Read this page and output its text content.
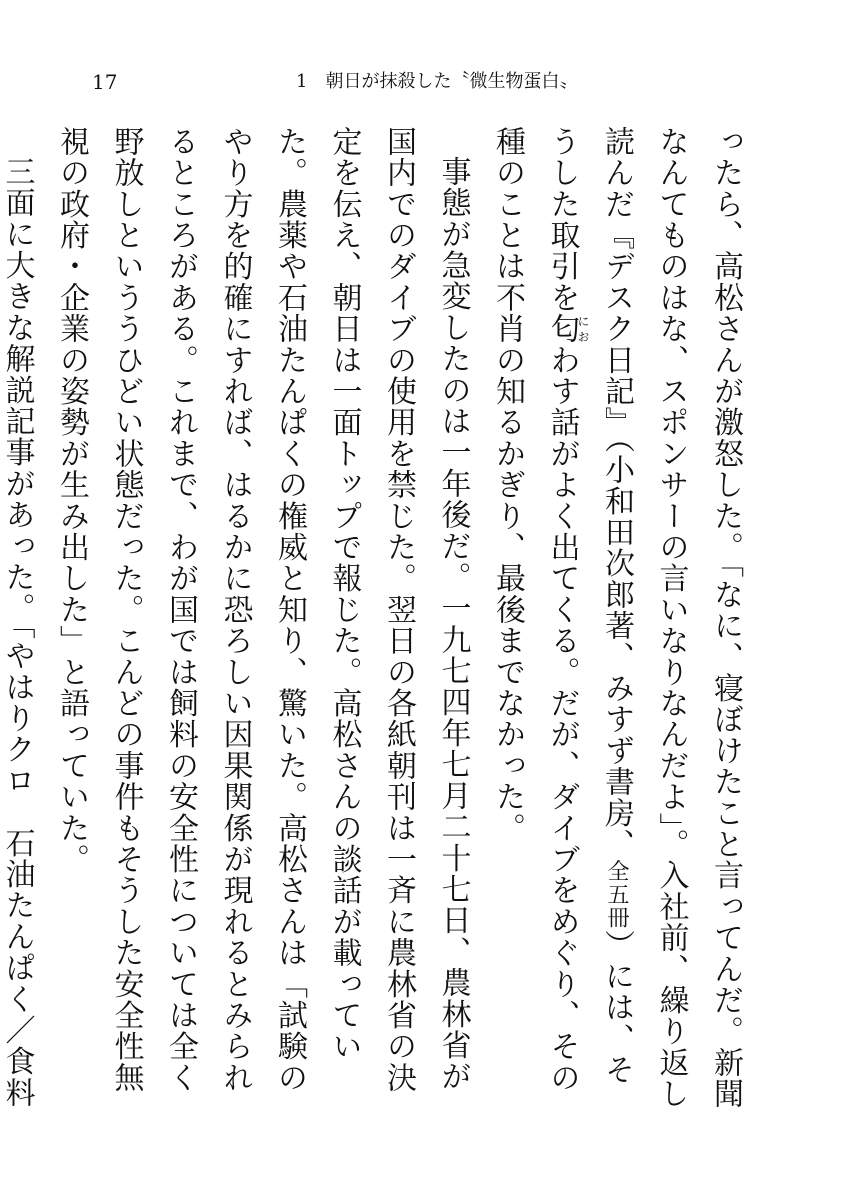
17	1 朝日が抹殺した〝微生物蛋白〟

ったら、高松さんが激怒した。「なに、寝ぼけたこと言ってんだ。新聞なんてものはな、スポンサーの言いなりなんだよ」。入社前、繰り返し読んだ『デスク日記』（小和田次郎著、みすず書房、全五冊）には、そうした取引を匂におわす話がよく出てくる。だが、ダイブをめぐり、その種のことは不肖の知るかぎり、最後までなかった。

事態が急変したのは一年後だ。一九七四年七月二十七日、農林省が国内でのダイブの使用を禁じた。翌日の各紙朝刊は一斉に農林省の決定を伝え、朝日は一面トップで報じた。高松さんの談話が載っていた。農薬や石油たんぱくの権威と知り、驚いた。高松さんは「試験のやり方を的確にすれば、はるかに恐ろしい因果関係が現れるとみられるところがある。これまで、わが国では飼料の安全性については全く野放しといううひどい状態だった。こんどの事件もそうした安全性無視の政府・企業の姿勢が生み出した」と語っていた。

三面に大きな解説記事があった。「やはりクロ　石油たんぱく／食料
